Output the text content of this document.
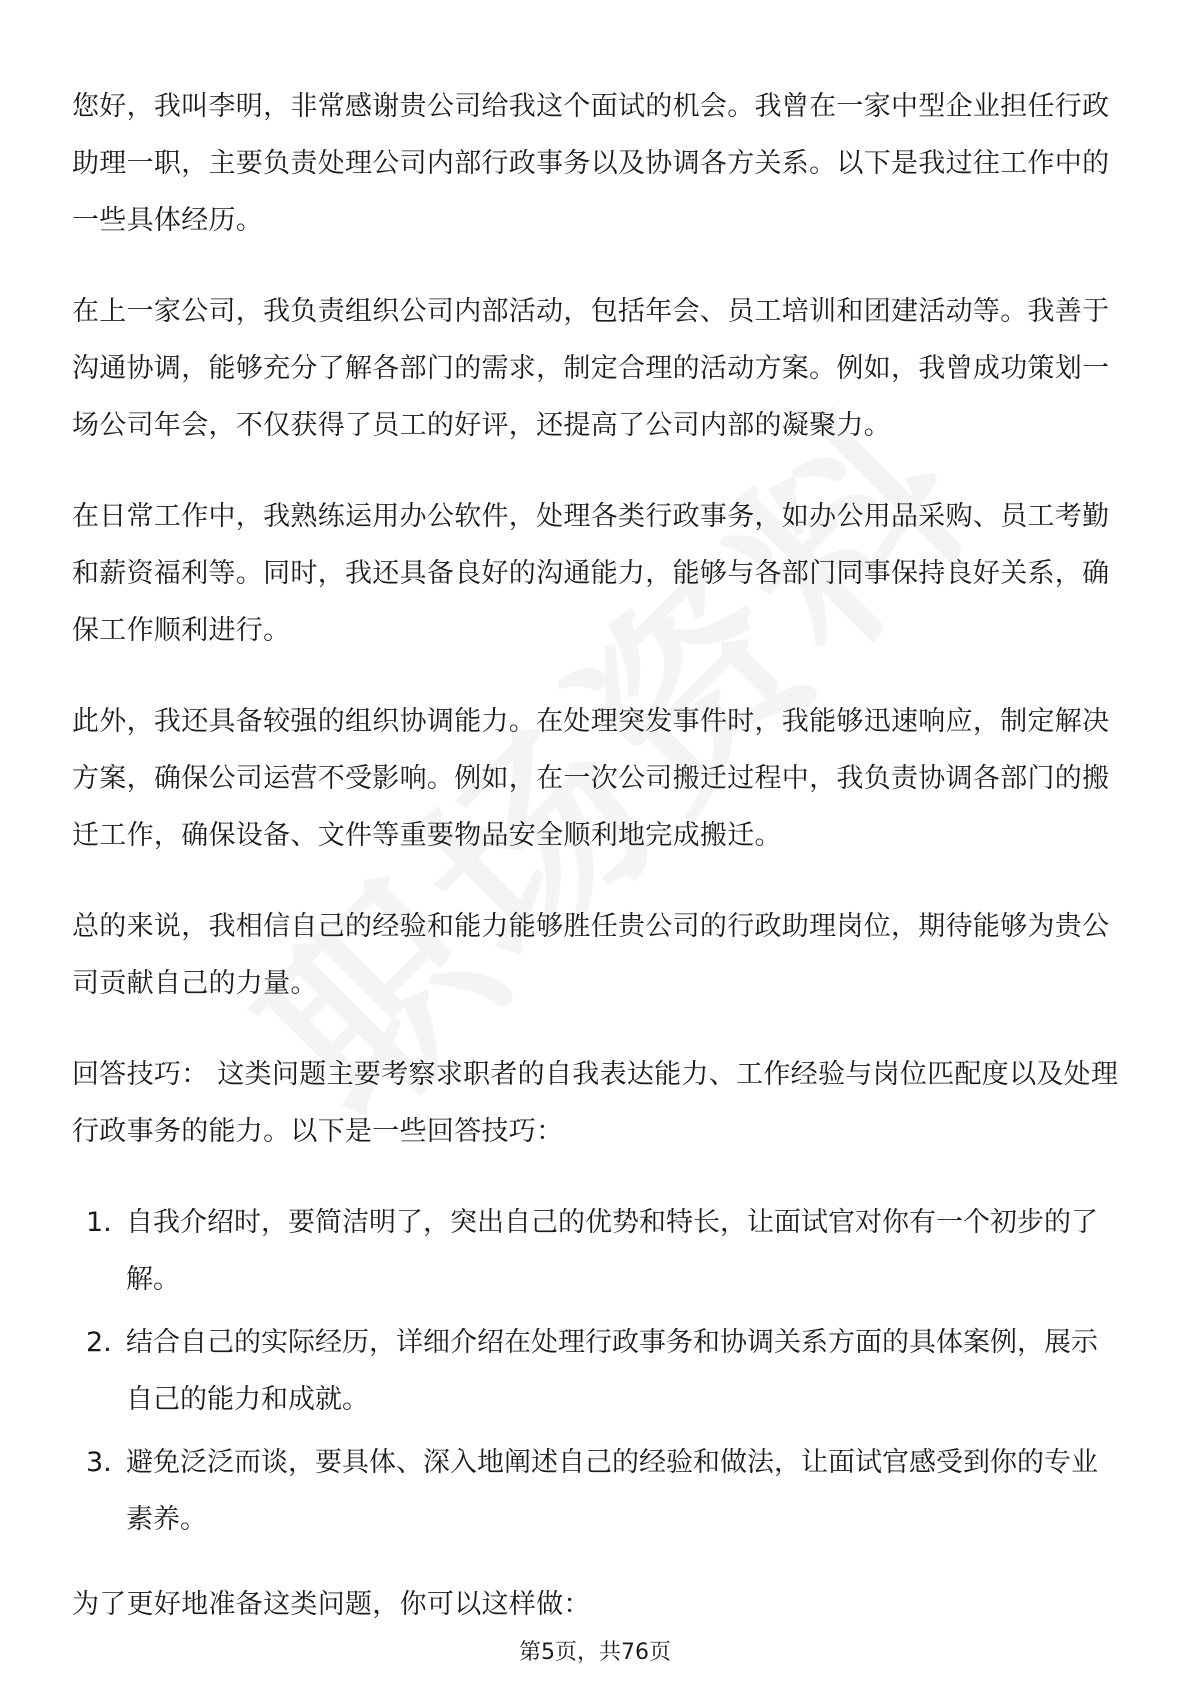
您好，我叫李明，非常感谢贵公司给我这个面试的机会。我曾在一家中型企业担任行政助理一职，主要负责处理公司内部行政事务以及协调各方关系。以下是我过往工作中的一些具体经历。

在上一家公司，我负责组织公司内部活动，包括年会、员工培训和团建活动等。我善于沟通协调，能够充分了解各部门的需求，制定合理的活动方案。例如，我曾成功策划一场公司年会，不仅获得了员工的好评，还提高了公司内部的凝聚力。

在日常工作中，我熟练运用办公软件，处理各类行政事务，如办公用品采购、员工考勤和薪资福利等。同时，我还具备良好的沟通能力，能够与各部门同事保持良好关系，确保工作顺利进行。

此外，我还具备较强的组织协调能力。在处理突发事件时，我能够迅速响应，制定解决方案，确保公司运营不受影响。例如，在一次公司搬迁过程中，我负责协调各部门的搬迁工作，确保设备、文件等重要物品安全顺利地完成搬迁。

总的来说，我相信自己的经验和能力能够胜任贵公司的行政助理岗位，期待能够为贵公司贡献自己的力量。

回答技巧： 这类问题主要考察求职者的自我表达能力、工作经验与岗位匹配度以及处理行政事务的能力。以下是一些回答技巧：

1. 自我介绍时，要简洁明了，突出自己的优势和特长，让面试官对你有一个初步的了解。
2. 结合自己的实际经历，详细介绍在处理行政事务和协调关系方面的具体案例，展示自己的能力和成就。
3. 避免泛泛而谈，要具体、深入地阐述自己的经验和做法，让面试官感受到你的专业素养。

为了更好地准备这类问题，你可以这样做：

第5页，共76页
